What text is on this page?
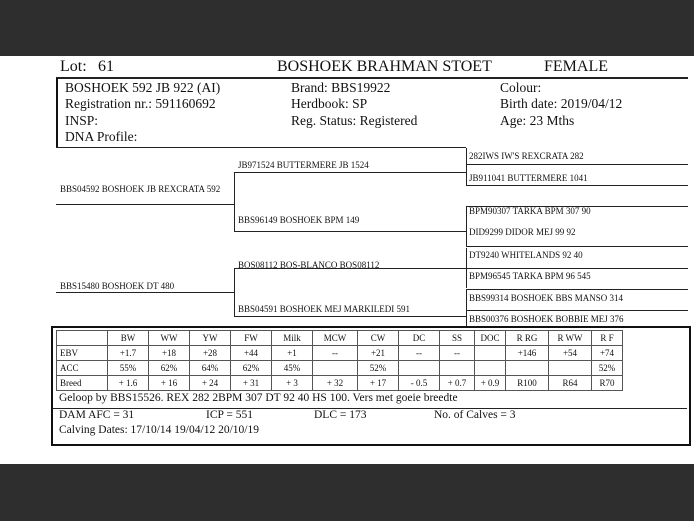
Lot: 61	BOSHOEK BRAHMAN STOET	FEMALE
BOSHOEK 592 JB 922 (AI)
Registration nr.: 591160692
INSP:
DNA Profile:
Brand: BBS19922
Herdbook: SP
Reg. Status: Registered
Colour:
Birth date: 2019/04/12
Age: 23 Mths
BBS04592 BOSHOEK JB REXCRATA 592
BBS15480 BOSHOEK DT 480
JB971524 BUTTERMERE JB 1524
BBS96149 BOSHOEK BPM 149
BOS08112 BOS-BLANCO BOS08112
BBS04591 BOSHOEK MEJ MARKILEDI 591
282IWS IW'S REXCRATA 282
JB911041 BUTTERMERE 1041
BPM90307 TARKA BPM 307 90
DID9299 DIDOR MEJ 99 92
DT9240 WHITELANDS 92 40
BPM96545 TARKA BPM 96 545
BBS99314 BOSHOEK BBS MANSO 314
BBS00376 BOSHOEK BOBBIE MEJ 376
	BW	WW	YW	FW	Milk	MCW	CW	DC	SS	DOC	R RG	R WW	R F
EBV	+1.7	+18	+28	+44	+1	--	+21	--	--		+146	+54	+74
ACC	55%	62%	64%	62%	45%		52%						52%
Breed	+ 1.6	+ 16	+ 24	+ 31	+ 3	+ 32	+ 17	- 0.5	+ 0.7	+ 0.9	R100	R64	R70
Geloop by BBS15526. REX 282 2BPM 307 DT 92 40 HS 100. Vers met goeie breedte
DAM AFC = 31	ICP = 551	DLC = 173	No. of Calves = 3
Calving Dates: 17/10/14 19/04/12 20/10/19
